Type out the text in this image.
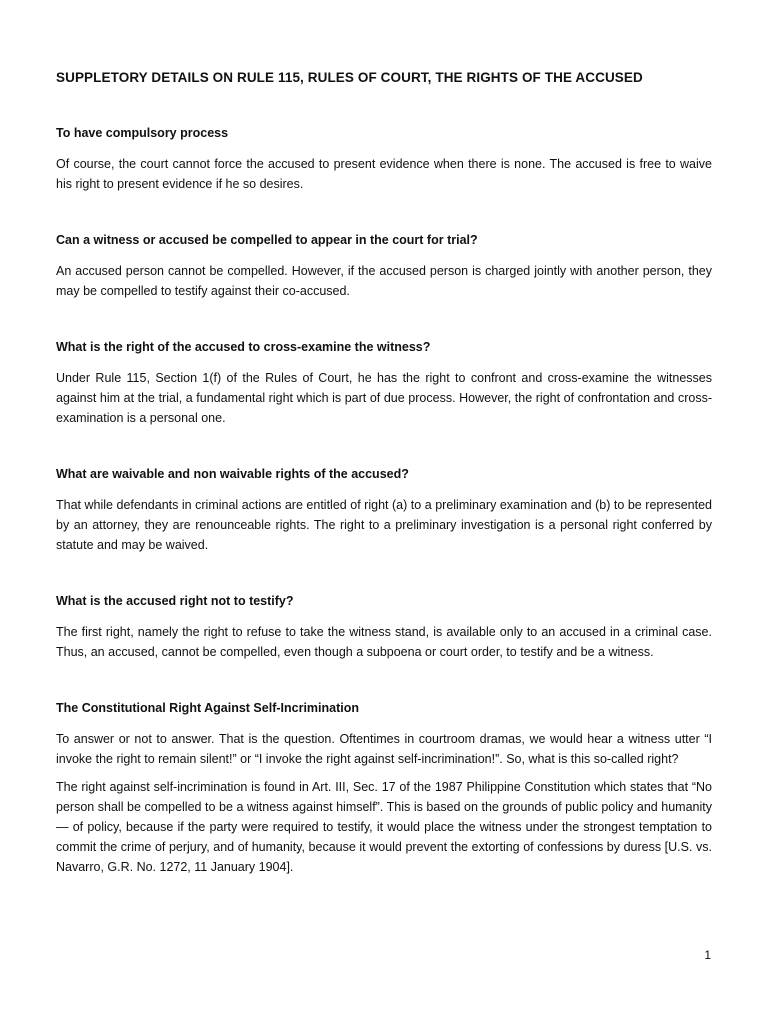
SUPPLETORY DETAILS ON RULE 115, RULES OF COURT, THE RIGHTS OF THE ACCUSED
To have compulsory process

Of course, the court cannot force the accused to present evidence when there is none. The accused is free to waive his right to present evidence if he so desires.

Can a witness or accused be compelled to appear in the court for trial?

An accused person cannot be compelled. However, if the accused person is charged jointly with another person, they may be compelled to testify against their co-accused.

What is the right of the accused to cross-examine the witness?

Under Rule 115, Section 1(f) of the Rules of Court, he has the right to confront and cross-examine the witnesses against him at the trial, a fundamental right which is part of due process. However, the right of confrontation and cross- examination is a personal one.

What are waivable and non waivable rights of the accused?

That while defendants in criminal actions are entitled of right (a) to a preliminary examination and (b) to be represented by an attorney, they are renounceable rights. The right to a preliminary investigation is a personal right conferred by statute and may be waived.

What is the accused right not to testify?

The first right, namely the right to refuse to take the witness stand, is available only to an accused in a criminal case. Thus, an accused, cannot be compelled, even though a subpoena or court order, to testify and be a witness.

The Constitutional Right Against Self-Incrimination

To answer or not to answer. That is the question. Oftentimes in courtroom dramas, we would hear a witness utter “I invoke the right to remain silent!” or “I invoke the right against self-incrimination!”. So, what is this so-called right?

The right against self-incrimination is found in Art. III, Sec. 17 of the 1987 Philippine Constitution which states that “No person shall be compelled to be a witness against himself”. This is based on the grounds of public policy and humanity — of policy, because if the party were required to testify, it would place the witness under the strongest temptation to commit the crime of perjury, and of humanity, because it would prevent the extorting of confessions by duress [U.S. vs. Navarro, G.R. No. 1272, 11 January 1904].

1
